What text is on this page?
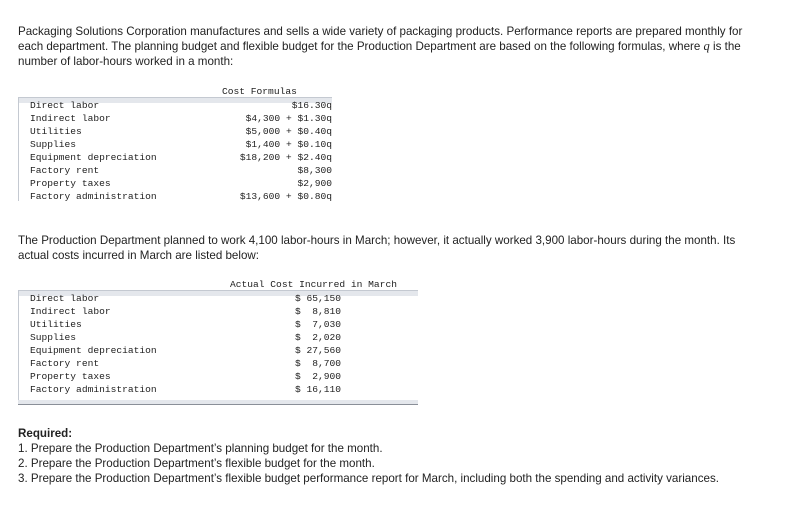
Packaging Solutions Corporation manufactures and sells a wide variety of packaging products. Performance reports are prepared monthly for each department. The planning budget and flexible budget for the Production Department are based on the following formulas, where q is the number of labor-hours worked in a month:

Cost Formulas
Direct labor	$16.30q
Indirect labor	$4,300 + $1.30q
Utilities	$5,000 + $0.40q
Supplies	$1,400 + $0.10q
Equipment depreciation	$18,200 + $2.40q
Factory rent	$8,300
Property taxes	$2,900
Factory administration	$13,600 + $0.80q

The Production Department planned to work 4,100 labor-hours in March; however, it actually worked 3,900 labor-hours during the month. Its actual costs incurred in March are listed below:

Actual Cost Incurred in March
Direct labor	$ 65,150
Indirect labor	$  8,810
Utilities	$  7,030
Supplies	$  2,020
Equipment depreciation	$ 27,560
Factory rent	$  8,700
Property taxes	$  2,900
Factory administration	$ 16,110
Required:
1. Prepare the Production Department’s planning budget for the month.
2. Prepare the Production Department’s flexible budget for the month.
3. Prepare the Production Department’s flexible budget performance report for March, including both the spending and activity variances.
